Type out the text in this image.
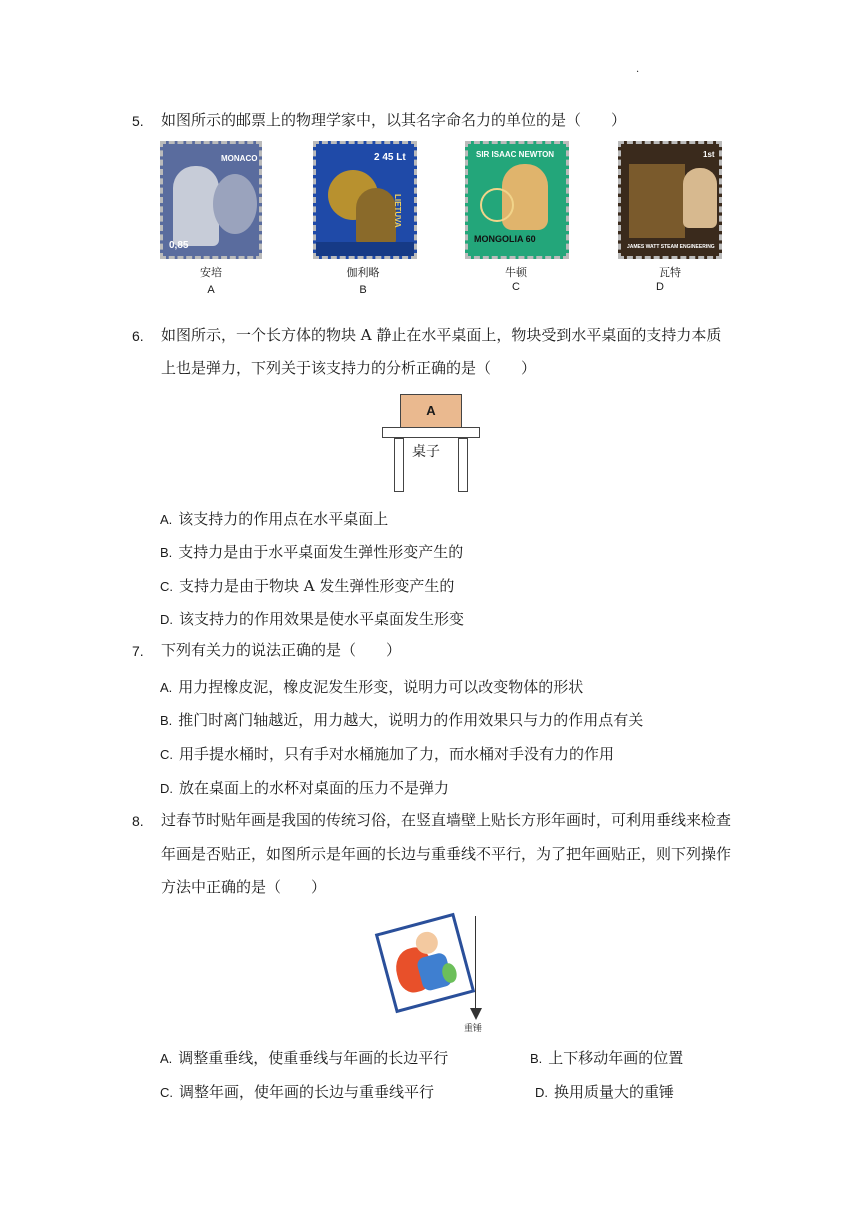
.
5. 如图所示的邮票上的物理学家中，以其名字命名力的单位的是（　　）
MONACO
0,85
安培
A
2 45 Lt
LIETUVA
伽利略
B
SIR ISAAC NEWTON
MONGOLIA 60
牛顿
C
1st
JAMES WATT STEAM ENGINEERING
瓦特
D
6. 如图所示，一个长方体的物块 A 静止在水平桌面上，物块受到水平桌面的支持力本质
上也是弹力，下列关于该支持力的分析正确的是（　　）
A
桌子
A. 该支持力的作用点在水平桌面上
B. 支持力是由于水平桌面发生弹性形变产生的
C. 支持力是由于物块 A 发生弹性形变产生的
D. 该支持力的作用效果是使水平桌面发生形变
7. 下列有关力的说法正确的是（　　）
A. 用力捏橡皮泥，橡皮泥发生形变，说明力可以改变物体的形状
B. 推门时离门轴越近，用力越大，说明力的作用效果只与力的作用点有关
C. 用手提水桶时，只有手对水桶施加了力，而水桶对手没有力的作用
D. 放在桌面上的水杯对桌面的压力不是弹力
8. 过春节时贴年画是我国的传统习俗，在竖直墙壁上贴长方形年画时，可利用垂线来检查
年画是否贴正，如图所示是年画的长边与重垂线不平行，为了把年画贴正，则下列操作
方法中正确的是（　　）
重锤
A. 调整重垂线，使重垂线与年画的长边平行	B. 上下移动年画的位置
C. 调整年画，使年画的长边与重垂线平行	D. 换用质量大的重锤
